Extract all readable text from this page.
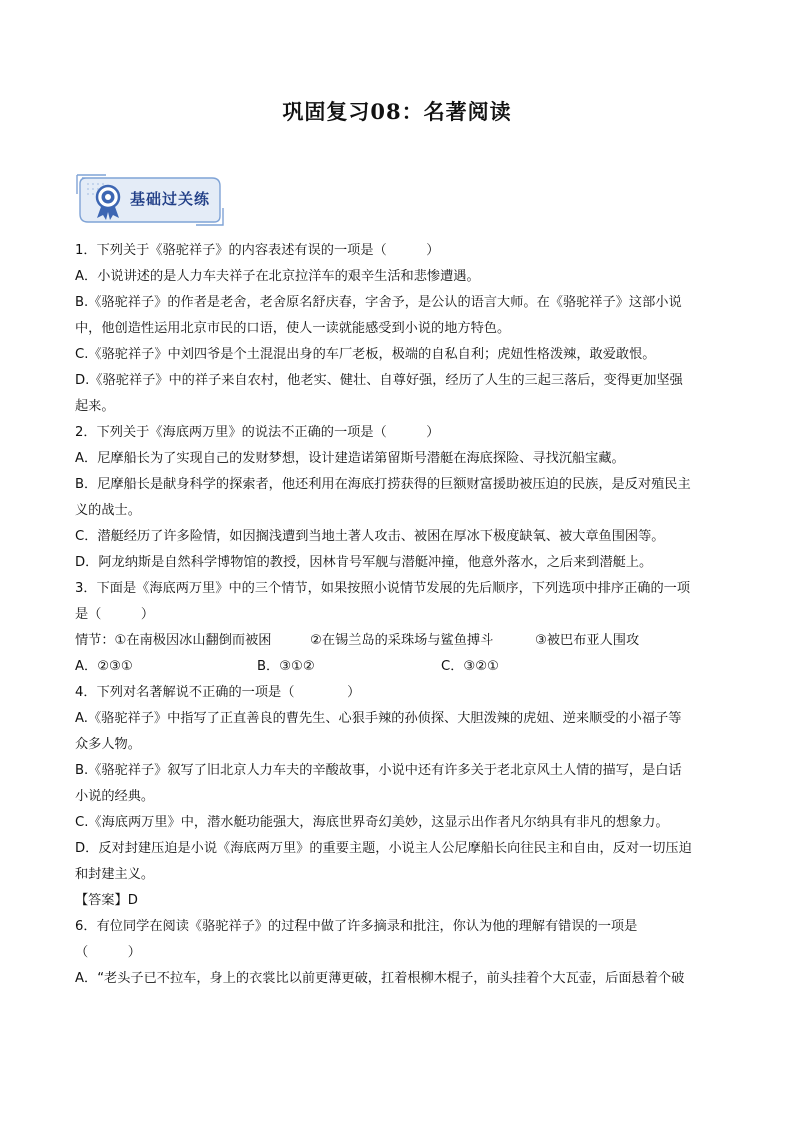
巩固复习08：名著阅读
基础过关练
1．下列关于《骆驼祥子》的内容表述有误的一项是（　　　）
A．小说讲述的是人力车夫祥子在北京拉洋车的艰辛生活和悲惨遭遇。
B.《骆驼祥子》的作者是老舍，老舍原名舒庆春，字舍予，是公认的语言大师。在《骆驼祥子》这部小说
中，他创造性运用北京市民的口语，使人一读就能感受到小说的地方特色。
C.《骆驼祥子》中刘四爷是个土混混出身的车厂老板，极端的自私自利；虎妞性格泼辣，敢爱敢恨。
D.《骆驼祥子》中的祥子来自农村，他老实、健壮、自尊好强，经历了人生的三起三落后，变得更加坚强
起来。
2．下列关于《海底两万里》的说法不正确的一项是（　　　）
A．尼摩船长为了实现自己的发财梦想，设计建造诺第留斯号潜艇在海底探险、寻找沉船宝藏。
B．尼摩船长是献身科学的探索者，他还利用在海底打捞获得的巨额财富援助被压迫的民族，是反对殖民主
义的战士。
C．潜艇经历了许多险情，如因搁浅遭到当地土著人攻击、被困在厚冰下极度缺氧、被大章鱼围困等。
D．阿龙纳斯是自然科学博物馆的教授，因林肯号军舰与潜艇冲撞，他意外落水，之后来到潜艇上。
3．下面是《海底两万里》中的三个情节，如果按照小说情节发展的先后顺序，下列选项中排序正确的一项
是（　　　）
情节：①在南极因冰山翻倒而被困	②在锡兰岛的采珠场与鲨鱼搏斗	③被巴布亚人围攻
A．②③①	B．③①②	C．③②①
4．下列对名著解说不正确的一项是（　　　　）
A.《骆驼祥子》中指写了正直善良的曹先生、心狠手辣的孙侦探、大胆泼辣的虎妞、逆来顺受的小福子等
众多人物。
B.《骆驼祥子》叙写了旧北京人力车夫的辛酸故事，小说中还有许多关于老北京风土人情的描写，是白话
小说的经典。
C.《海底两万里》中，潜水艇功能强大，海底世界奇幻美妙，这显示出作者凡尔纳具有非凡的想象力。
D．反对封建压迫是小说《海底两万里》的重要主题，小说主人公尼摩船长向往民主和自由，反对一切压迫
和封建主义。
【答案】D
6．有位同学在阅读《骆驼祥子》的过程中做了许多摘录和批注，你认为他的理解有错误的一项是
（　　　）
A．“老头子已不拉车，身上的衣裳比以前更薄更破，扛着根柳木棍子，前头挂着个大瓦壶，后面悬着个破
